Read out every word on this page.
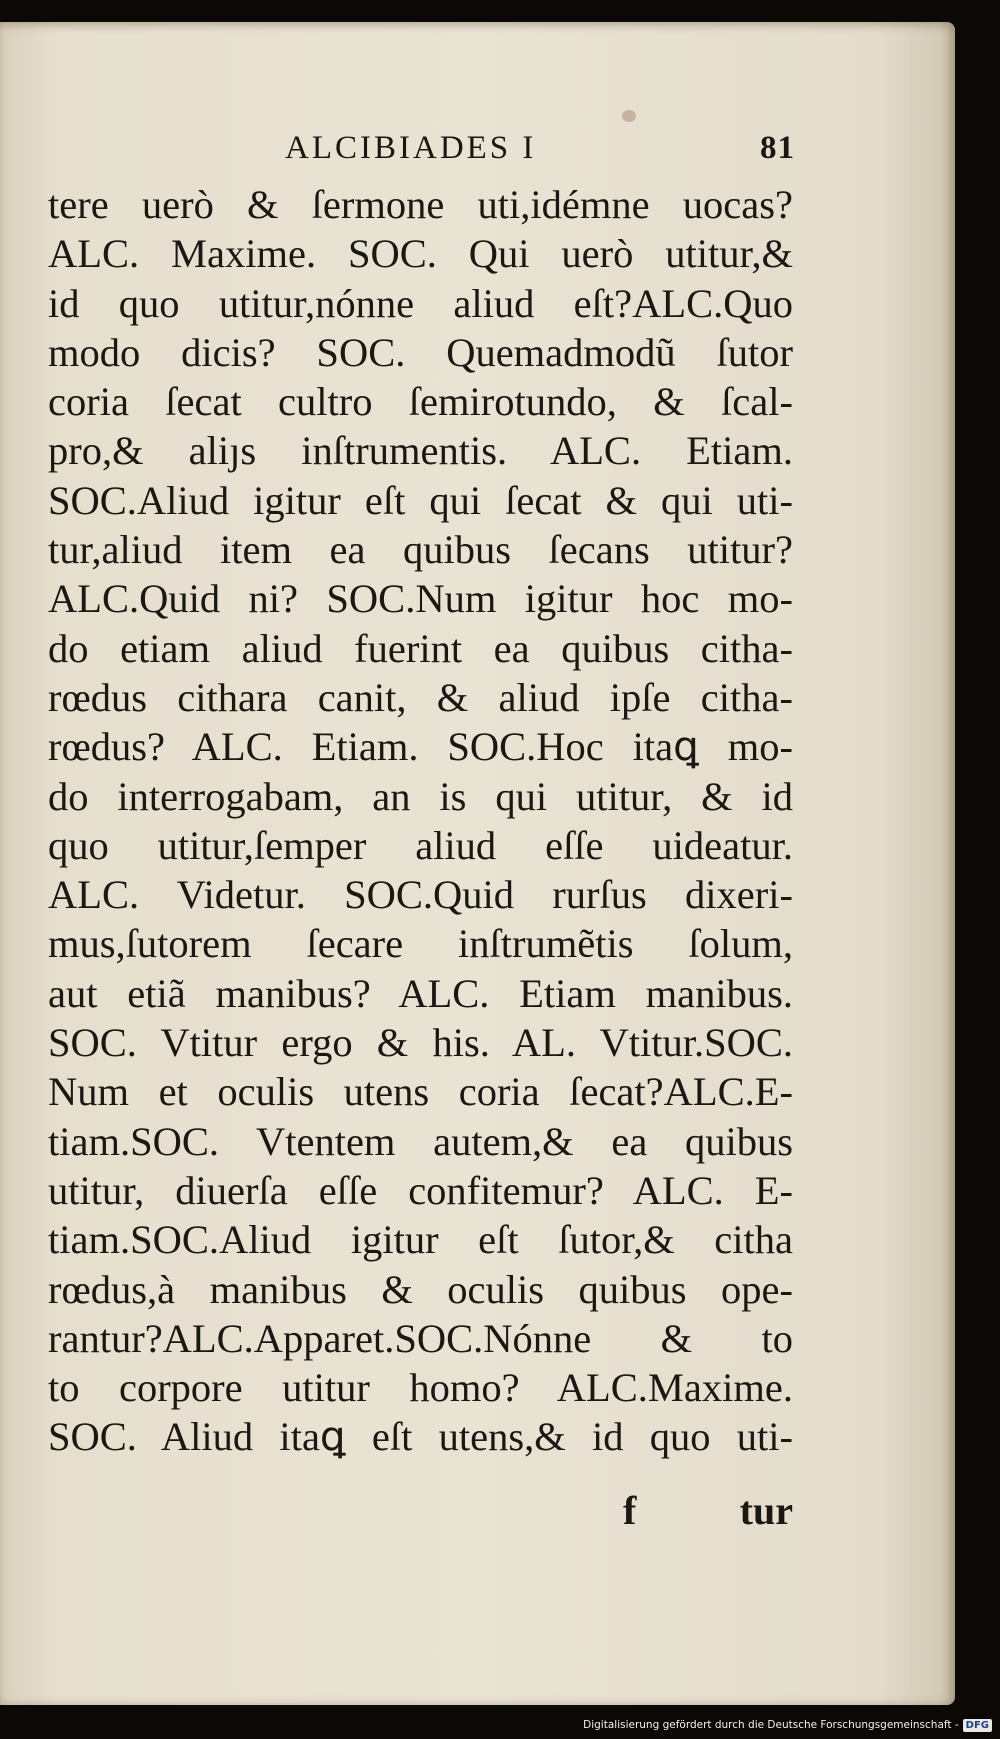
ALCIBIADES I	81
tere uerò & ſermone uti,idémne uocas?
ALC. Maxime. SOC. Qui uerò utitur,&
id quo utitur,nónne aliud eſt?ALC.Quo
modo dicis? SOC. Quemadmodũ ſutor
coria ſecat cultro ſemirotundo, & ſcal-
pro,& aliȷs inſtrumentis. ALC. Etiam.
SOC.Aliud igitur eſt qui ſecat & qui uti-
tur,aliud item ea quibus ſecans utitur?
ALC.Quid ni? SOC.Num igitur hoc mo-
do etiam aliud fuerint ea quibus citha-
rœdus cithara canit, & aliud ipſe citha-
rœdus? ALC. Etiam. SOC.Hoc itaꝗ mo-
do interrogabam, an is qui utitur, & id
quo utitur,ſemper aliud eſſe uideatur.
ALC. Videtur. SOC.Quid rurſus dixeri-
mus,ſutorem ſecare inſtrumẽtis ſolum,
aut etiã manibus? ALC. Etiam manibus.
SOC. Vtitur ergo & his. AL. Vtitur.SOC.
Num et oculis utens coria ſecat?ALC.E-
tiam.SOC. Vtentem autem,& ea quibus
utitur, diuerſa eſſe confitemur? ALC. E-
tiam.SOC.Aliud igitur eſt ſutor,& citha
rœdus,à manibus & oculis quibus ope-
rantur?ALC.Apparet.SOC.Nónne & to
to corpore utitur homo? ALC.Maxime.
SOC. Aliud itaꝗ eſt utens,& id quo uti-
f	tur
Digitalisierung gefördert durch die Deutsche Forschungsgemeinschaft - DFG
